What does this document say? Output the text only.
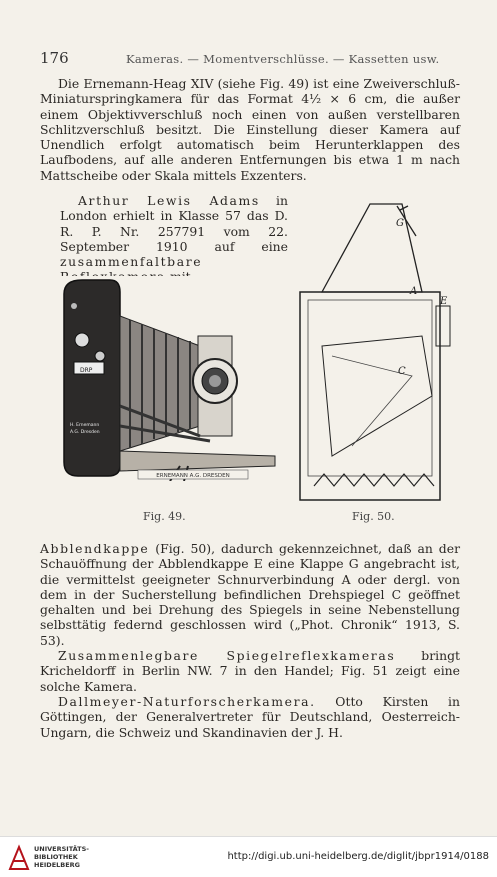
176	Kameras. — Momentverschlüsse. — Kassetten usw.

Die Ernemann-Heag XIV (siehe Fig. 49) ist eine Zweiverschluß-Miniaturspringkamera für das Format 4½ × 6 cm, die außer einem Objektivverschluß noch einen von außen verstellbaren Schlitzverschluß besitzt. Die Einstellung dieser Kamera auf Unendlich erfolgt automatisch beim Herunterklappen des Laufbodens, auf alle anderen Entfernungen bis etwa 1 m nach Mattscheibe oder Skala mittels Exzenters.

Arthur Lewis Adams in London erhielt in Klasse 57 das D. R. P. Nr. 257791 vom 22. September 1910 auf eine zusammenfaltbare

ERNEMANN A.G. DRESDEN
DRP
H. Ernemann
A.G. Dresden
Fig. 49.
G
A
E
C
Fig. 50.

Abblendkappe (Fig. 50), dadurch gekennzeichnet, daß an der Schauöffnung der Abblendkappe E eine Klappe G angebracht ist, die vermittelst geeigneter Schnurverbindung A oder dergl. von dem in der Sucherstellung befindlichen Drehspiegel C geöffnet gehalten und bei Drehung des Spiegels in seine Nebenstellung selbsttätig federnd geschlossen wird („Phot. Chronik“ 1913, S. 53).

Zusammenlegbare Spiegelreflexkameras bringt Kricheldorff in Berlin NW. 7 in den Handel; Fig. 51 zeigt eine solche Kamera.

Dallmeyer-Naturforscherkamera. Otto Kirsten in Göttingen, der Generalvertreter für Deutschland, Oesterreich-Ungarn, die Schweiz und Skandinavien der J. H.

UNIVERSITÄTS-
BIBLIOTHEK
HEIDELBERG
http://digi.ub.uni-heidelberg.de/diglit/jbpr1914/0188
